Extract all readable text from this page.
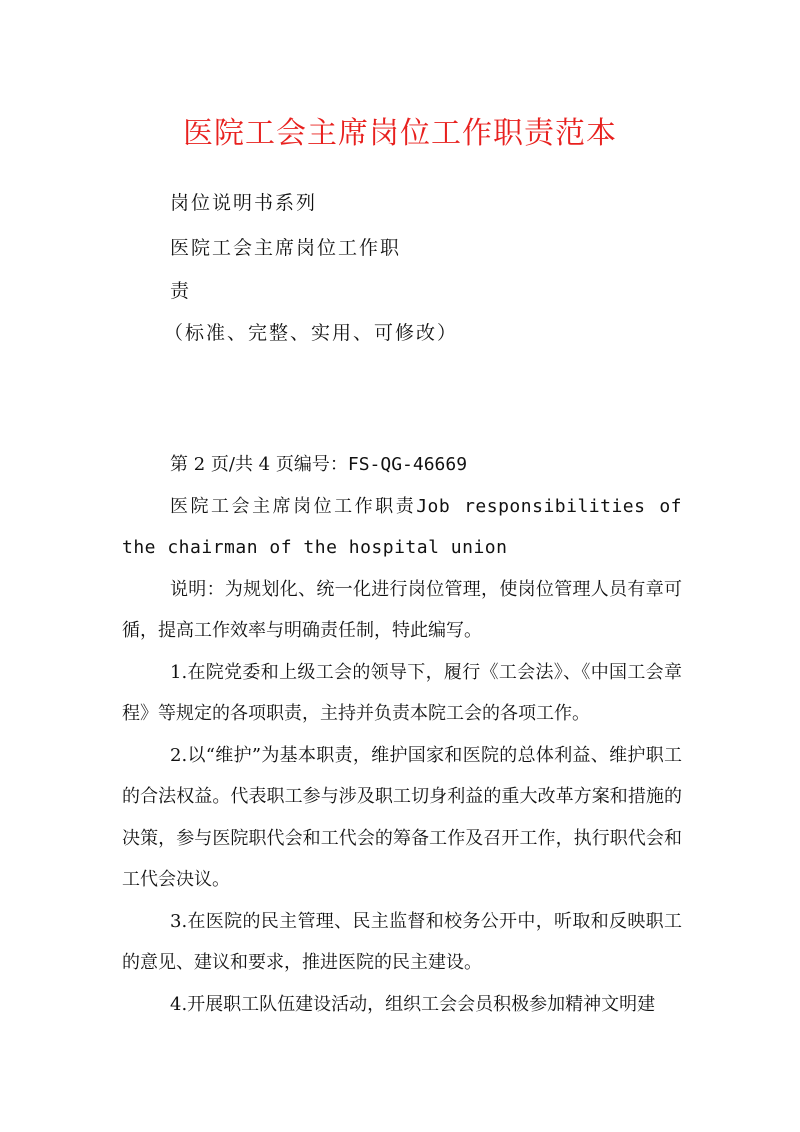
医院工会主席岗位工作职责范本
岗位说明书系列
医院工会主席岗位工作职
责
（标准、完整、实用、可修改）

第 2 页/共 4 页编号：FS-QG-46669

医院工会主席岗位工作职责Job responsibilities of the chairman of the hospital union

说明：为规划化、统一化进行岗位管理，使岗位管理人员有章可循，提高工作效率与明确责任制，特此编写。

1.在院党委和上级工会的领导下，履行《工会法》、《中国工会章程》等规定的各项职责，主持并负责本院工会的各项工作。

2.以“维护”为基本职责，维护国家和医院的总体利益、维护职工的合法权益。代表职工参与涉及职工切身利益的重大改革方案和措施的决策，参与医院职代会和工代会的筹备工作及召开工作，执行职代会和工代会决议。

3.在医院的民主管理、民主监督和校务公开中，听取和反映职工的意见、建议和要求，推进医院的民主建设。

4.开展职工队伍建设活动，组织工会会员积极参加精神文明建
